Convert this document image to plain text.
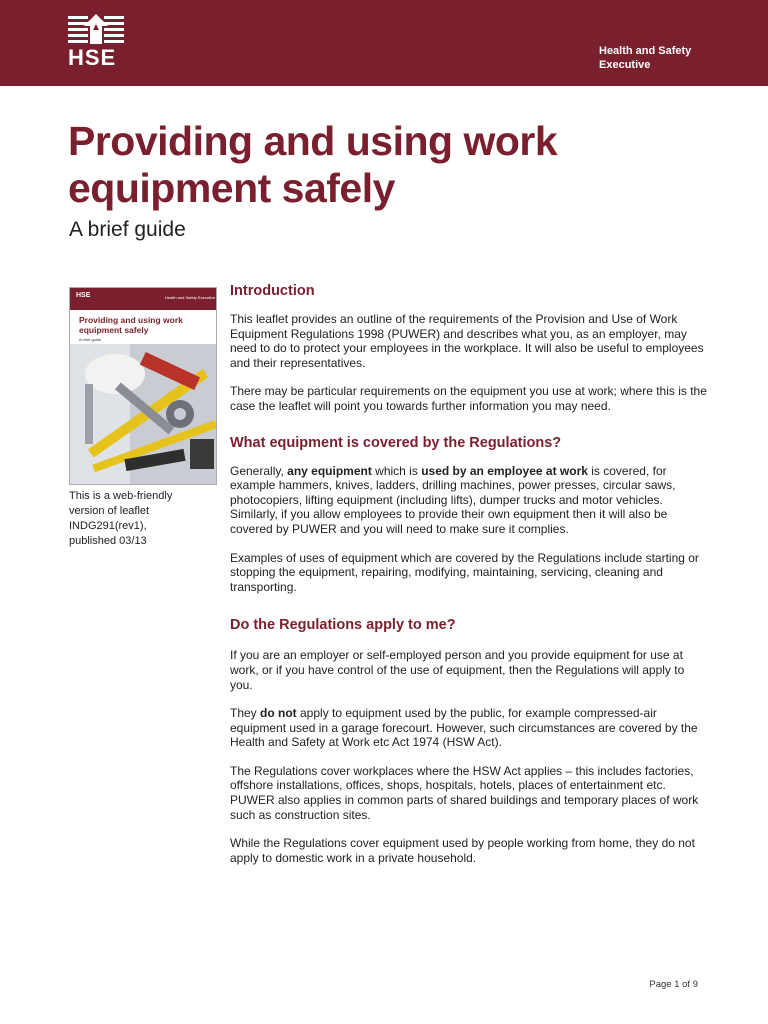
HSE	Health and Safety
Executive
Providing and using work
equipment safely
A brief guide
HSE	Health and Safety Executive
Providing and using work equipment safely
A brief guide
This is a web-friendly
version of leaflet
INDG291(rev1),
published 03/13
Introduction

This leaflet provides an outline of the requirements of the Provision and Use of Work Equipment Regulations 1998 (PUWER) and describes what you, as an employer, may need to do to protect your employees in the workplace. It will also be useful to employees and their representatives.

There may be particular requirements on the equipment you use at work; where this is the case the leaflet will point you towards further information you may need.

What equipment is covered by the Regulations?

Generally, any equipment which is used by an employee at work is covered, for example hammers, knives, ladders, drilling machines, power presses, circular saws, photocopiers, lifting equipment (including lifts), dumper trucks and motor vehicles. Similarly, if you allow employees to provide their own equipment then it will also be covered by PUWER and you will need to make sure it complies.

Examples of uses of equipment which are covered by the Regulations include starting or stopping the equipment, repairing, modifying, maintaining, servicing, cleaning and transporting.

Do the Regulations apply to me?

If you are an employer or self-employed person and you provide equipment for use at work, or if you have control of the use of equipment, then the Regulations will apply to you.

They do not apply to equipment used by the public, for example compressed-air equipment used in a garage forecourt. However, such circumstances are covered by the Health and Safety at Work etc Act 1974 (HSW Act).

The Regulations cover workplaces where the HSW Act applies – this includes factories, offshore installations, offices, shops, hospitals, hotels, places of entertainment etc. PUWER also applies in common parts of shared buildings and temporary places of work such as construction sites.

While the Regulations cover equipment used by people working from home, they do not apply to domestic work in a private household.

Page 1 of 9
